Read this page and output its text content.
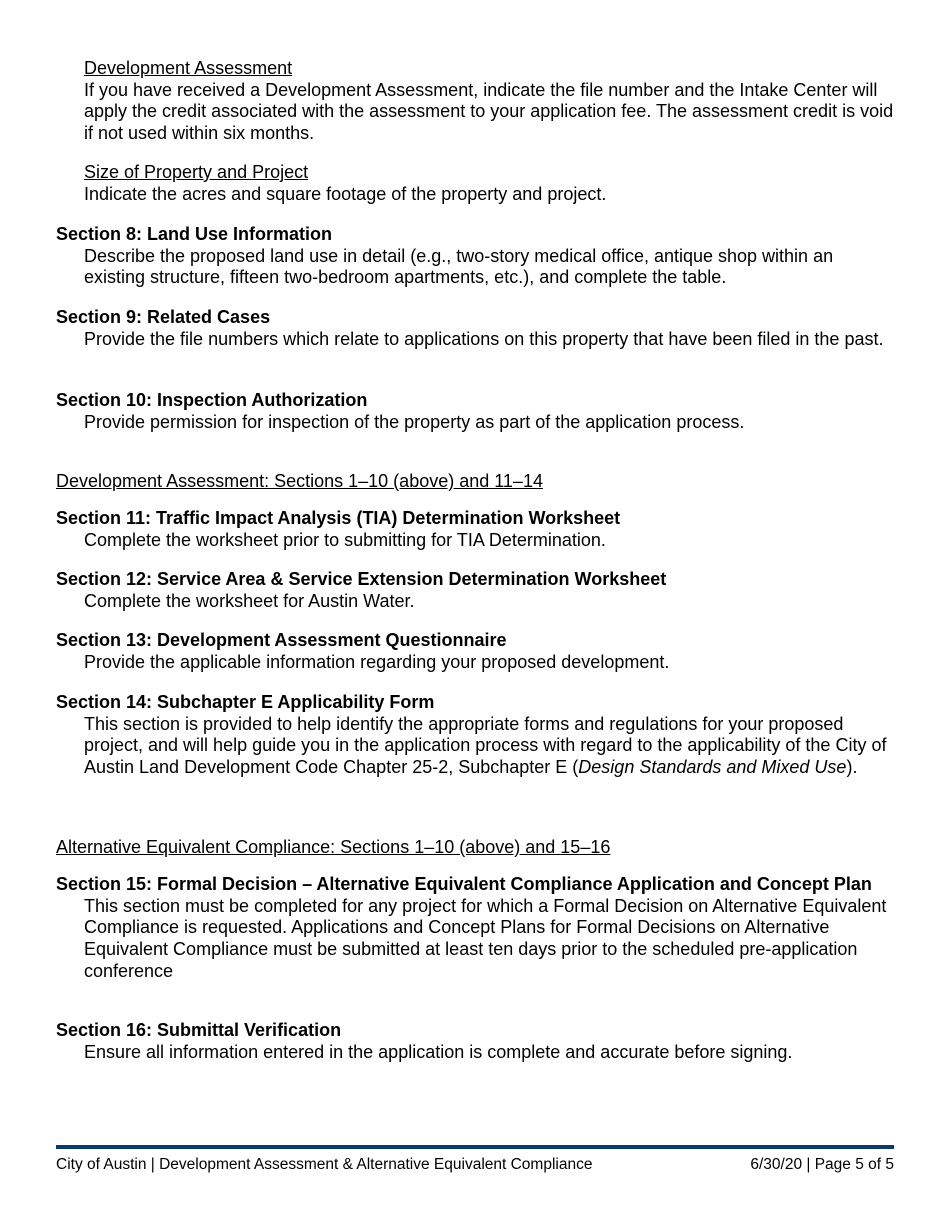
Development Assessment

If you have received a Development Assessment, indicate the file number and the Intake Center will apply the credit associated with the assessment to your application fee. The assessment credit is void if not used within six months.

Size of Property and Project

Indicate the acres and square footage of the property and project.

Section 8: Land Use Information

Describe the proposed land use in detail (e.g., two-story medical office, antique shop within an existing structure, fifteen two-bedroom apartments, etc.), and complete the table.

Section 9: Related Cases

Provide the file numbers which relate to applications on this property that have been filed in the past.

Section 10: Inspection Authorization

Provide permission for inspection of the property as part of the application process.

Development Assessment: Sections 1–10 (above) and 11–14

Section 11: Traffic Impact Analysis (TIA) Determination Worksheet

Complete the worksheet prior to submitting for TIA Determination.

Section 12: Service Area & Service Extension Determination Worksheet

Complete the worksheet for Austin Water.

Section 13: Development Assessment Questionnaire

Provide the applicable information regarding your proposed development.

Section 14: Subchapter E Applicability Form

This section is provided to help identify the appropriate forms and regulations for your proposed project, and will help guide you in the application process with regard to the applicability of the City of Austin Land Development Code Chapter 25-2, Subchapter E (Design Standards and Mixed Use).

Alternative Equivalent Compliance: Sections 1–10 (above) and 15–16

Section 15: Formal Decision – Alternative Equivalent Compliance Application and Concept Plan

This section must be completed for any project for which a Formal Decision on Alternative Equivalent Compliance is requested. Applications and Concept Plans for Formal Decisions on Alternative Equivalent Compliance must be submitted at least ten days prior to the scheduled pre-application conference

Section 16: Submittal Verification

Ensure all information entered in the application is complete and accurate before signing.

City of Austin | Development Assessment & Alternative Equivalent Compliance	6/30/20 | Page 5 of 5
